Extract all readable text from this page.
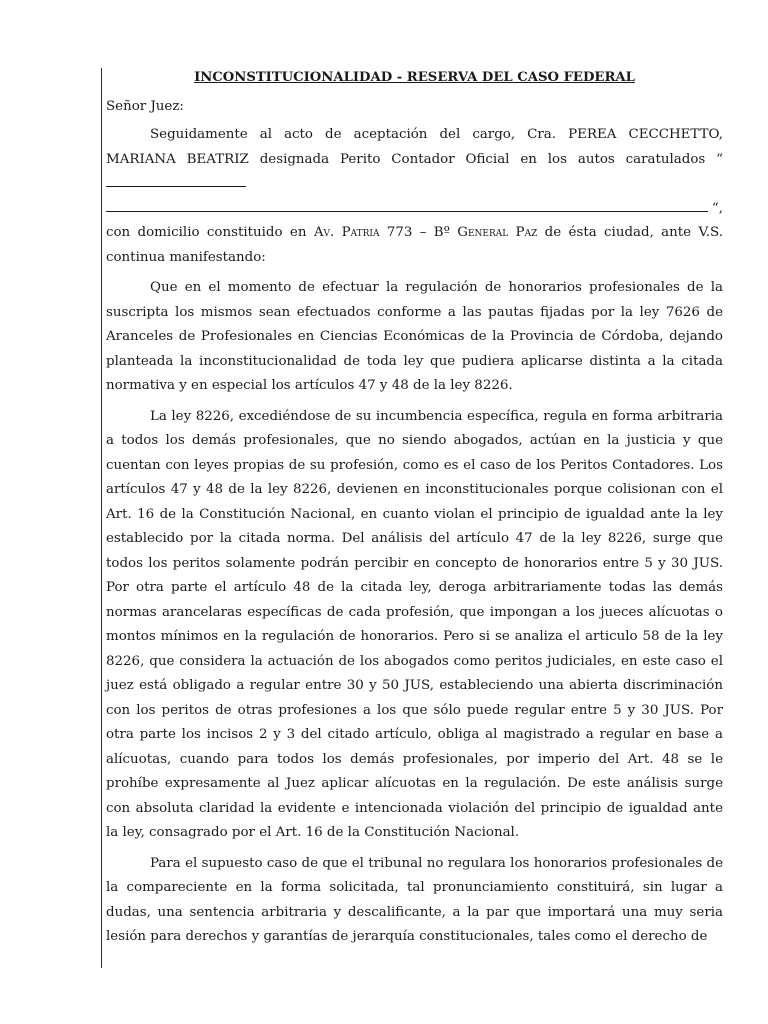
INCONSTITUCIONALIDAD - RESERVA DEL CASO FEDERAL

Señor Juez:

Seguidamente al acto de aceptación del cargo, Cra. PEREA CECCHETTO, MARIANA BEATRIZ designada Perito Contador Oficial en los autos caratulados “
“,
con domicilio constituido en Av. Patria 773 – Bº General Paz de ésta ciudad, ante V.S. continua manifestando:

Que en el momento de efectuar la regulación de honorarios profesionales de la suscripta los mismos sean efectuados conforme a las pautas fijadas por la ley 7626 de Aranceles de Profesionales en Ciencias Económicas de la Provincia de Córdoba, dejando planteada la inconstitucionalidad de toda ley que pudiera aplicarse distinta a la citada normativa y en especial los artículos 47 y 48 de la ley 8226.

La ley 8226, excediéndose de su incumbencia específica, regula en forma arbitraria a todos los demás profesionales, que no siendo abogados, actúan en la justicia y que cuentan con leyes propias de su profesión, como es el caso de los Peritos Contadores. Los artículos 47 y 48 de la ley 8226, devienen en inconstitucionales porque colisionan con el Art. 16 de la Constitución Nacional, en cuanto violan el principio de igualdad ante la ley establecido por la citada norma. Del análisis del artículo 47 de la ley 8226, surge que todos los peritos solamente podrán percibir en concepto de honorarios entre 5 y 30 JUS. Por otra parte el artículo 48 de la citada ley, deroga arbitrariamente todas las demás normas arancelaras específicas de cada profesión, que impongan a los jueces alícuotas o montos mínimos en la regulación de honorarios. Pero si se analiza el articulo 58 de la ley 8226, que considera la actuación de los abogados como peritos judiciales, en este caso el juez está obligado a regular entre 30 y 50 JUS, estableciendo una abierta discriminación con los peritos de otras profesiones a los que sólo puede regular entre 5 y 30 JUS. Por otra parte los incisos 2 y 3 del citado artículo, obliga al magistrado a regular en base a alícuotas, cuando para todos los demás profesionales, por imperio del Art. 48 se le prohíbe expresamente al Juez aplicar alícuotas en la regulación. De este análisis surge con absoluta claridad la evidente e intencionada violación del principio de igualdad ante la ley, consagrado por el Art. 16 de la Constitución Nacional.

Para el supuesto caso de que el tribunal no regulara los honorarios profesionales de la compareciente en la forma solicitada, tal pronunciamiento constituirá, sin lugar a dudas, una sentencia arbitraria y descalificante, a la par que importará una muy seria lesión para derechos y garantías de jerarquía constitucionales, tales como el derecho de
